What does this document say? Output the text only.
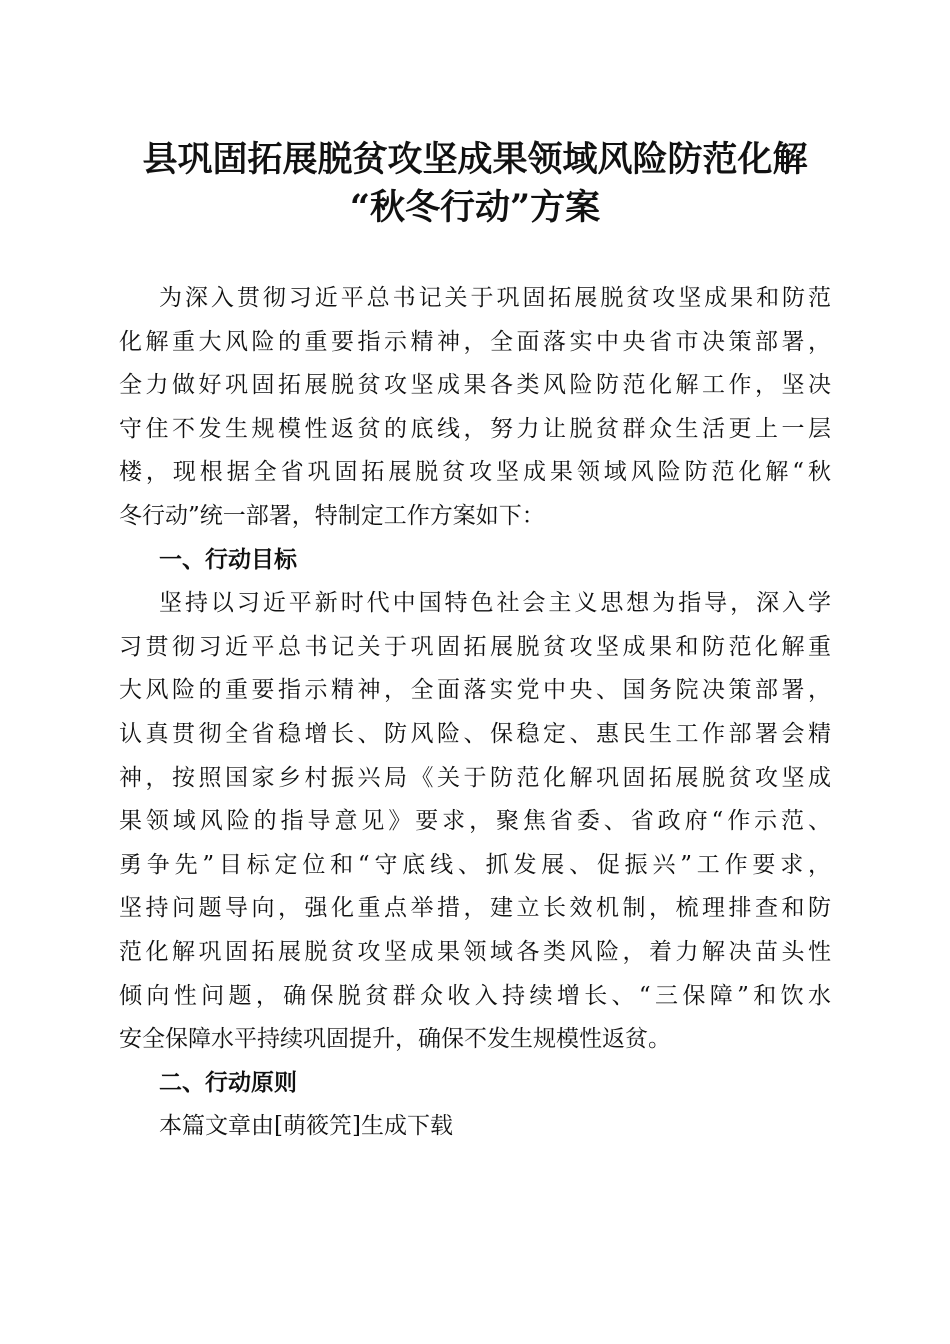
县巩固拓展脱贫攻坚成果领域风险防范化解
“秋冬行动”方案
为深入贯彻习近平总书记关于巩固拓展脱贫攻坚成果和防范
化解重大风险的重要指示精神，全面落实中央省市决策部署，
全力做好巩固拓展脱贫攻坚成果各类风险防范化解工作，坚决
守住不发生规模性返贫的底线，努力让脱贫群众生活更上一层
楼，现根据全省巩固拓展脱贫攻坚成果领域风险防范化解“秋
冬行动”统一部署，特制定工作方案如下：
一、行动目标
坚持以习近平新时代中国特色社会主义思想为指导，深入学
习贯彻习近平总书记关于巩固拓展脱贫攻坚成果和防范化解重
大风险的重要指示精神，全面落实党中央、国务院决策部署，
认真贯彻全省稳增长、防风险、保稳定、惠民生工作部署会精
神，按照国家乡村振兴局《关于防范化解巩固拓展脱贫攻坚成
果领域风险的指导意见》要求，聚焦省委、省政府“作示范、
勇争先”目标定位和“守底线、抓发展、促振兴”工作要求，
坚持问题导向，强化重点举措，建立长效机制，梳理排查和防
范化解巩固拓展脱贫攻坚成果领域各类风险，着力解决苗头性
倾向性问题，确保脱贫群众收入持续增长、“三保障”和饮水
安全保障水平持续巩固提升，确保不发生规模性返贫。
二、行动原则
本篇文章由[萌筱笐]生成下载
